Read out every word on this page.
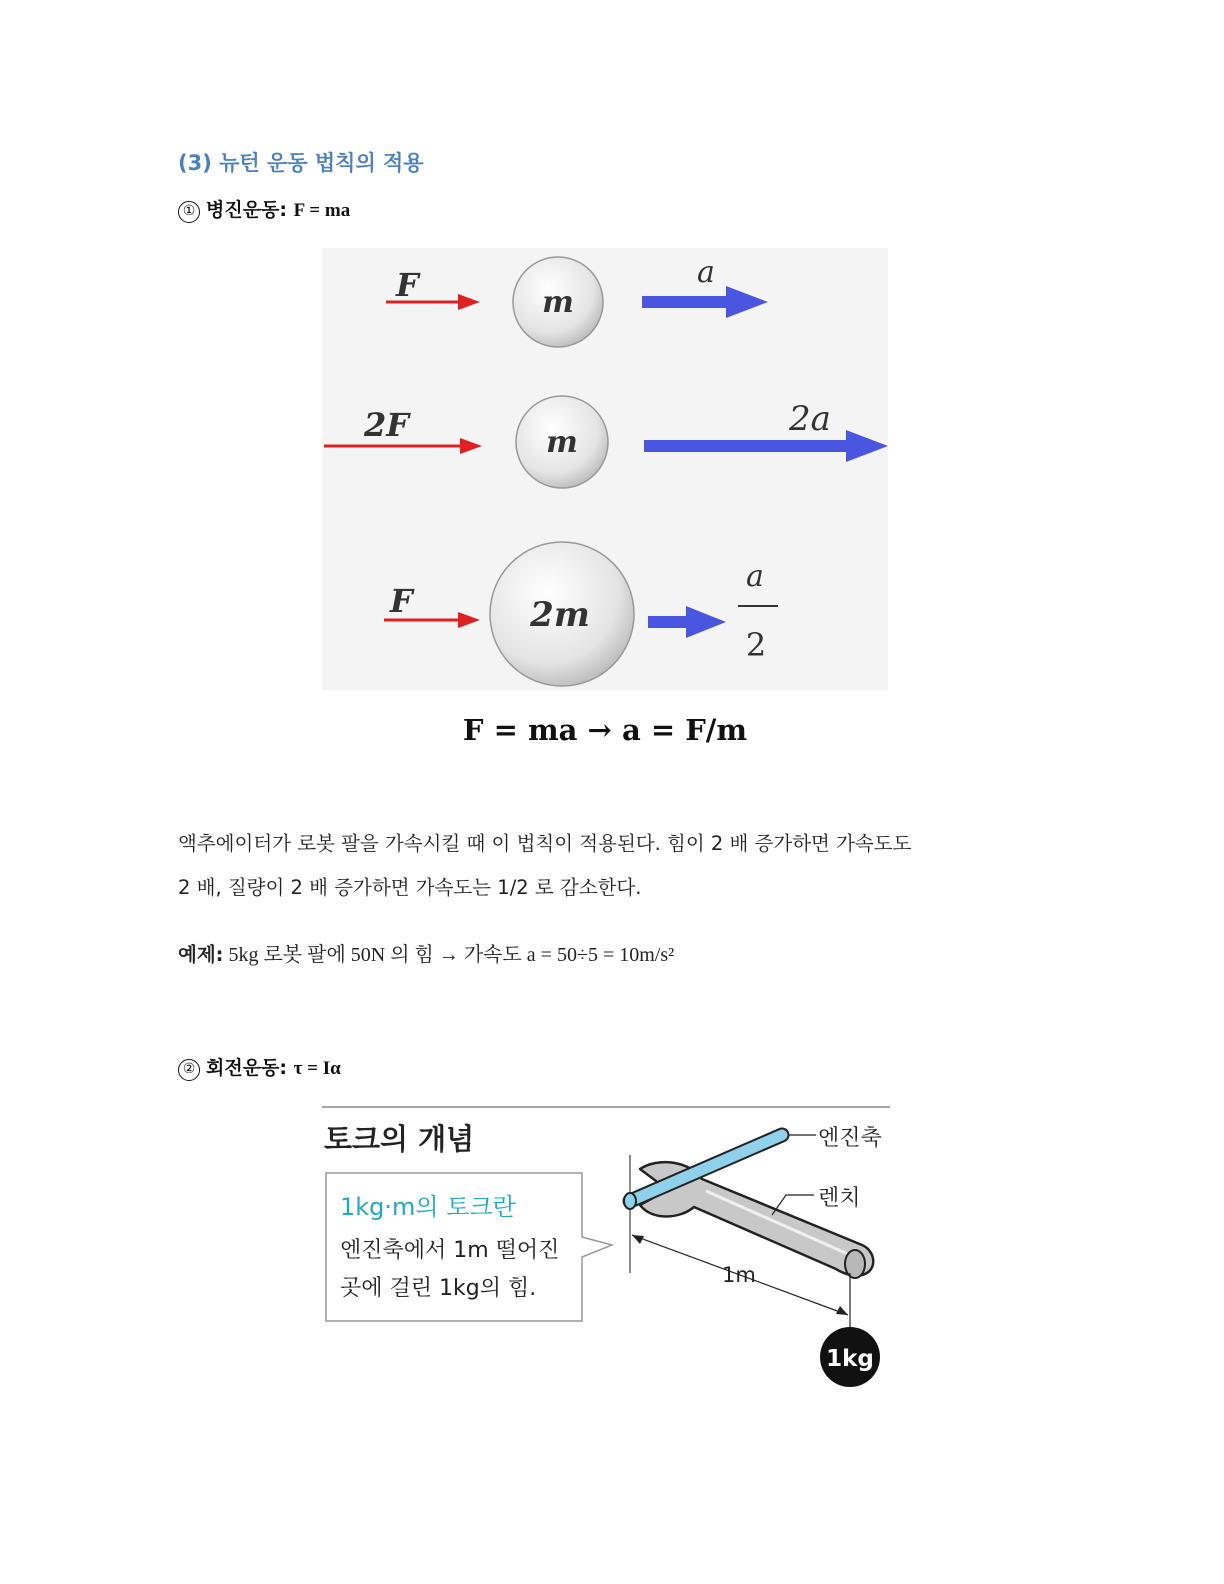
(3) 뉴턴 운동 법칙의 적용
① 병진운동: F = ma
F	m
a
2F	m
2a
F	2m
a
2
F = ma → a = F/m
액추에이터가 로봇 팔을 가속시킬 때 이 법칙이 적용된다. 힘이 2 배 증가하면 가속도도
2 배, 질량이 2 배 증가하면 가속도는 1/2 로 감소한다.
예제: 5kg 로봇 팔에 50N 의 힘 → 가속도 a = 50÷5 = 10m/s²
② 회전운동: τ = Iα
토크의 개념
1kg·m의 토크란
엔진축에서 1m 떨어진
곳에 걸린 1kg의 힘.
엔진축
렌치
1m
1kg
